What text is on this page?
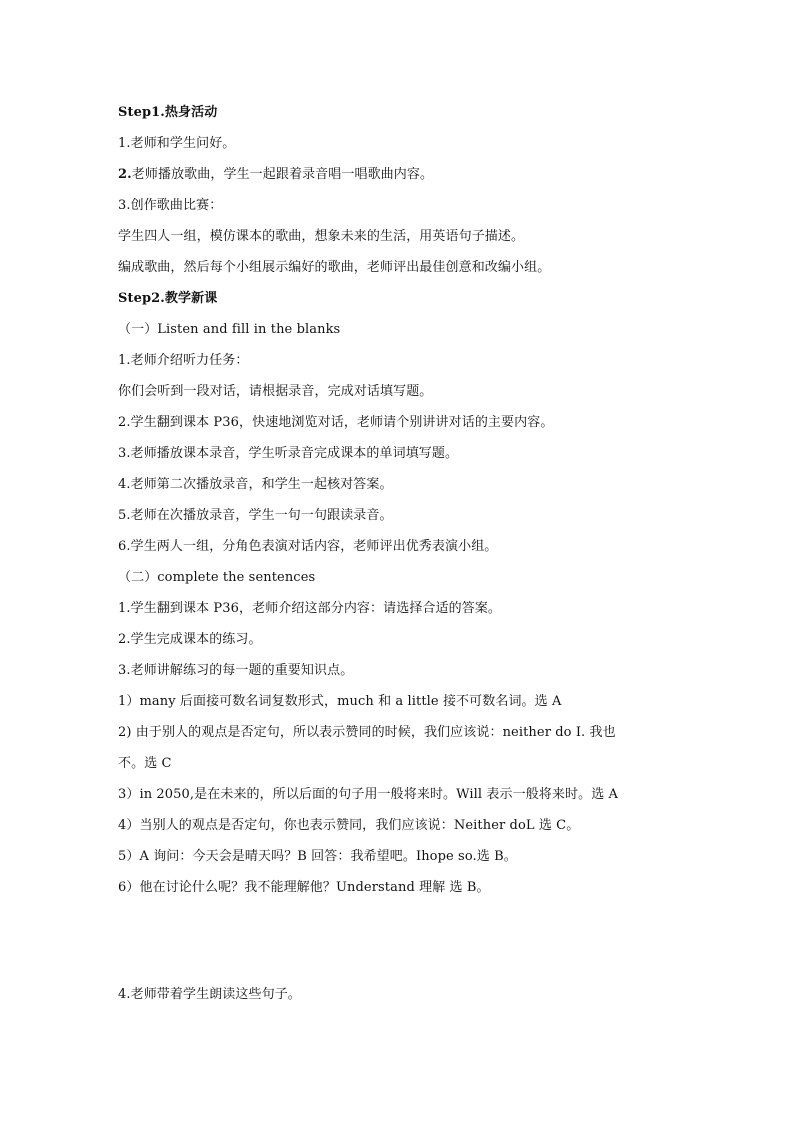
Step1.热身活动
1.老师和学生问好。
2.老师播放歌曲，学生一起跟着录音唱一唱歌曲内容。
3.创作歌曲比赛：
学生四人一组，模仿课本的歌曲，想象未来的生活，用英语句子描述。
编成歌曲，然后每个小组展示编好的歌曲，老师评出最佳创意和改编小组。
Step2.教学新课
（一）Listen and fill in the blanks
1.老师介绍听力任务：
你们会听到一段对话，请根据录音，完成对话填写题。
2.学生翻到课本 P36，快速地浏览对话，老师请个别讲讲对话的主要内容。
3.老师播放课本录音，学生听录音完成课本的单词填写题。
4.老师第二次播放录音，和学生一起核对答案。
5.老师在次播放录音，学生一句一句跟读录音。
6.学生两人一组，分角色表演对话内容，老师评出优秀表演小组。
（二）complete the sentences
1.学生翻到课本 P36，老师介绍这部分内容：请选择合适的答案。
2.学生完成课本的练习。
3.老师讲解练习的每一题的重要知识点。
1）many 后面接可数名词复数形式，much 和 a little 接不可数名词。选 A
2) 由于别人的观点是否定句，所以表示赞同的时候，我们应该说：neither do I. 我也
不。选 C
3）in 2050,是在未来的，所以后面的句子用一般将来时。Will 表示一般将来时。选 A
4）当别人的观点是否定句，你也表示赞同，我们应该说：Neither doL 选 C。
5）A 询问：今天会是晴天吗？B 回答：我希望吧。Ihope so.选 B。
6）他在讨论什么呢？我不能理解他？Understand 理解 选 B。
4.老师带着学生朗读这些句子。
